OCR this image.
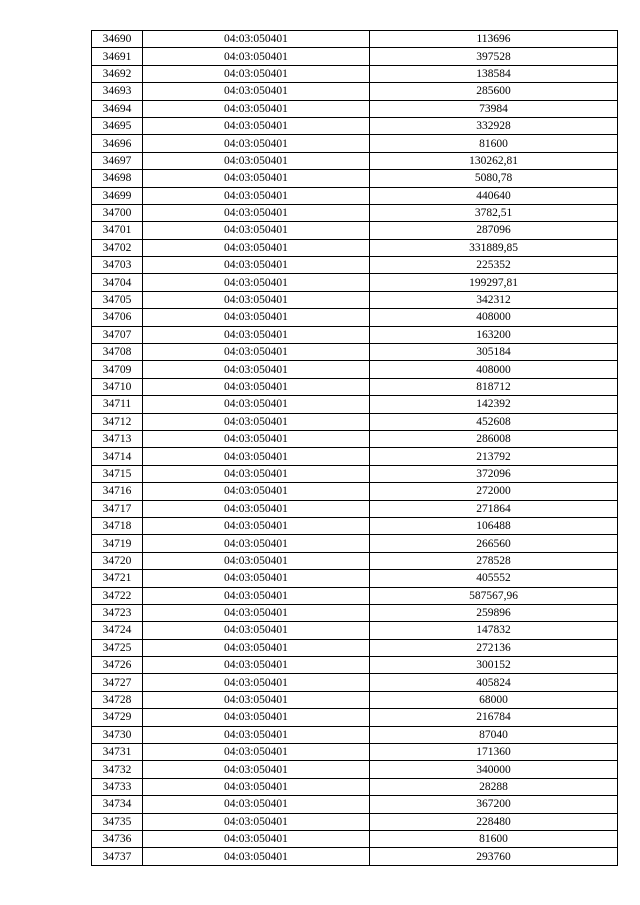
34690	04:03:050401	113696
34691	04:03:050401	397528
34692	04:03:050401	138584
34693	04:03:050401	285600
34694	04:03:050401	73984
34695	04:03:050401	332928
34696	04:03:050401	81600
34697	04:03:050401	130262,81
34698	04:03:050401	5080,78
34699	04:03:050401	440640
34700	04:03:050401	3782,51
34701	04:03:050401	287096
34702	04:03:050401	331889,85
34703	04:03:050401	225352
34704	04:03:050401	199297,81
34705	04:03:050401	342312
34706	04:03:050401	408000
34707	04:03:050401	163200
34708	04:03:050401	305184
34709	04:03:050401	408000
34710	04:03:050401	818712
34711	04:03:050401	142392
34712	04:03:050401	452608
34713	04:03:050401	286008
34714	04:03:050401	213792
34715	04:03:050401	372096
34716	04:03:050401	272000
34717	04:03:050401	271864
34718	04:03:050401	106488
34719	04:03:050401	266560
34720	04:03:050401	278528
34721	04:03:050401	405552
34722	04:03:050401	587567,96
34723	04:03:050401	259896
34724	04:03:050401	147832
34725	04:03:050401	272136
34726	04:03:050401	300152
34727	04:03:050401	405824
34728	04:03:050401	68000
34729	04:03:050401	216784
34730	04:03:050401	87040
34731	04:03:050401	171360
34732	04:03:050401	340000
34733	04:03:050401	28288
34734	04:03:050401	367200
34735	04:03:050401	228480
34736	04:03:050401	81600
34737	04:03:050401	293760
